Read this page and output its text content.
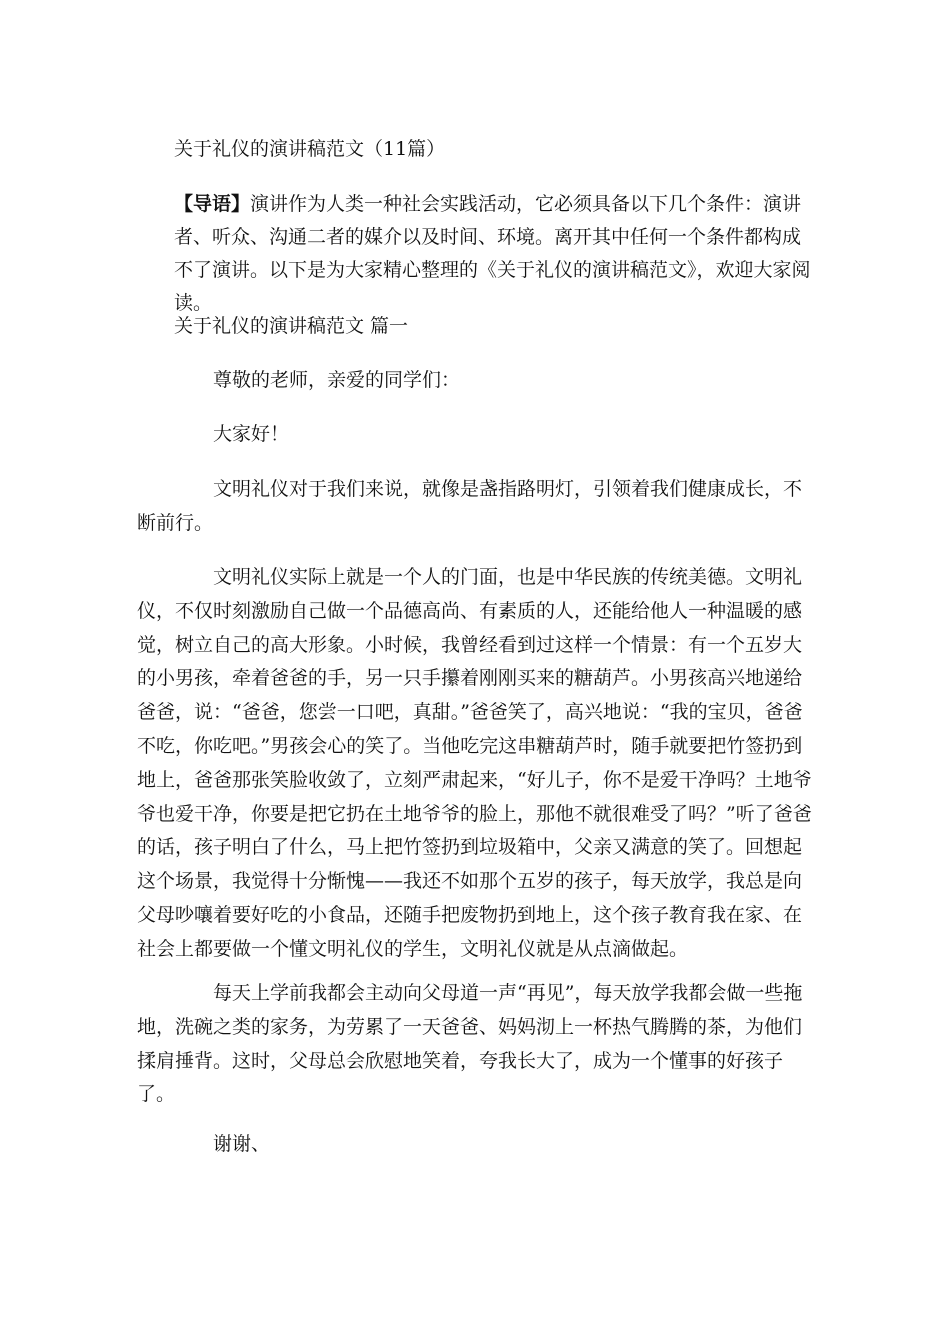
关于礼仪的演讲稿范文（11篇）

【导语】演讲作为人类一种社会实践活动，它必须具备以下几个条件：演讲者、听众、沟通二者的媒介以及时间、环境。离开其中任何一个条件都构成不了演讲。以下是为大家精心整理的《关于礼仪的演讲稿范文》，欢迎大家阅读。

关于礼仪的演讲稿范文 篇一

尊敬的老师，亲爱的同学们：

大家好！

文明礼仪对于我们来说，就像是盏指路明灯，引领着我们健康成长，不断前行。

文明礼仪实际上就是一个人的门面，也是中华民族的传统美德。文明礼仪，不仅时刻激励自己做一个品德高尚、有素质的人，还能给他人一种温暖的感觉，树立自己的高大形象。小时候，我曾经看到过这样一个情景：有一个五岁大的小男孩，牵着爸爸的手，另一只手攥着刚刚买来的糖葫芦。小男孩高兴地递给爸爸，说：“爸爸，您尝一口吧，真甜。”爸爸笑了，高兴地说：“我的宝贝，爸爸不吃，你吃吧。”男孩会心的笑了。当他吃完这串糖葫芦时，随手就要把竹签扔到地上，爸爸那张笑脸收敛了，立刻严肃起来，“好儿子，你不是爱干净吗？土地爷爷也爱干净，你要是把它扔在土地爷爷的脸上，那他不就很难受了吗？”听了爸爸的话，孩子明白了什么，马上把竹签扔到垃圾箱中，父亲又满意的笑了。回想起这个场景，我觉得十分惭愧——我还不如那个五岁的孩子，每天放学，我总是向父母吵嚷着要好吃的小食品，还随手把废物扔到地上，这个孩子教育我在家、在社会上都要做一个懂文明礼仪的学生，文明礼仪就是从点滴做起。

每天上学前我都会主动向父母道一声“再见”，每天放学我都会做一些拖地，洗碗之类的家务，为劳累了一天爸爸、妈妈沏上一杯热气腾腾的茶，为他们揉肩捶背。这时，父母总会欣慰地笑着，夸我长大了，成为一个懂事的好孩子了。

谢谢、
